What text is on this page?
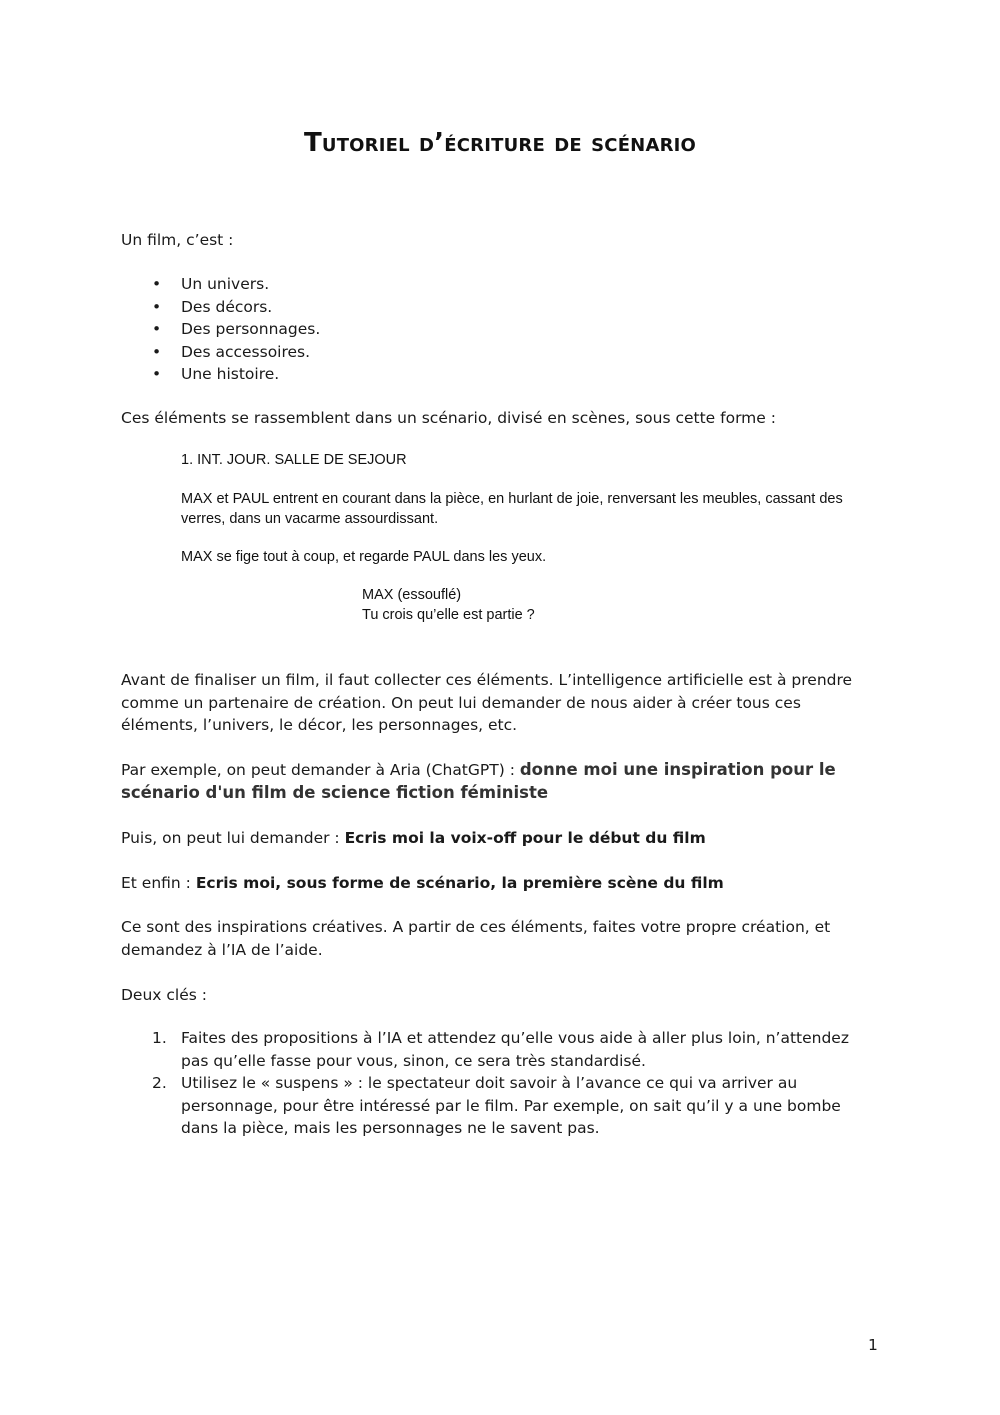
Tutoriel d’écriture de scénario

Un film, c’est :

• Un univers.
• Des décors.
• Des personnages.
• Des accessoires.
• Une histoire.

Ces éléments se rassemblent dans un scénario, divisé en scènes, sous cette forme :

1. INT. JOUR. SALLE DE SEJOUR

MAX et PAUL entrent en courant dans la pièce, en hurlant de joie, renversant les meubles, cassant des verres, dans un vacarme assourdissant.

MAX se fige tout à coup, et regarde PAUL dans les yeux.

MAX (essouflé)

Tu crois qu’elle est partie ?

Avant de finaliser un film, il faut collecter ces éléments. L’intelligence artificielle est à prendre comme un partenaire de création. On peut lui demander de nous aider à créer tous ces éléments, l’univers, le décor, les personnages, etc.

Par exemple, on peut demander à Aria (ChatGPT) : donne moi une inspiration pour le scénario d'un film de science fiction féministe

Puis, on peut lui demander : Ecris moi la voix-off pour le début du film

Et enfin : Ecris moi, sous forme de scénario, la première scène du film

Ce sont des inspirations créatives. A partir de ces éléments, faites votre propre création, et demandez à l’IA de l’aide.

Deux clés :

1. Faites des propositions à l’IA et attendez qu’elle vous aide à aller plus loin, n’attendez pas qu’elle fasse pour vous, sinon, ce sera très standardisé.
2. Utilisez le « suspens » : le spectateur doit savoir à l’avance ce qui va arriver au personnage, pour être intéressé par le film. Par exemple, on sait qu’il y a une bombe dans la pièce, mais les personnages ne le savent pas.
1
